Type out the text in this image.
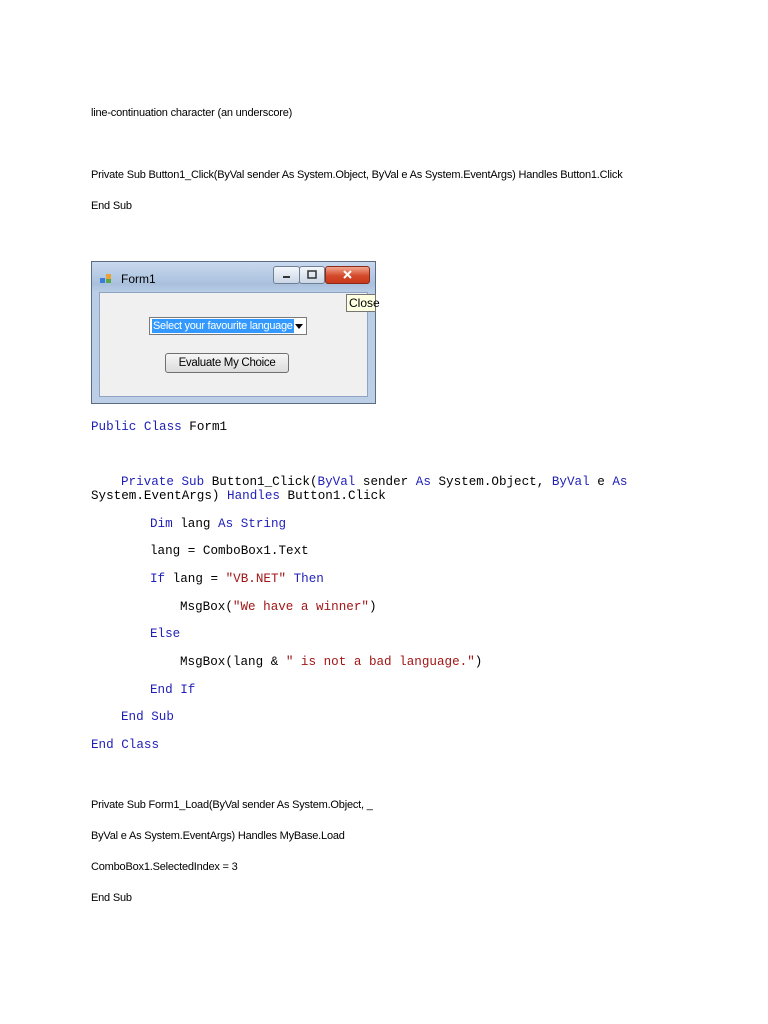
line-continuation character (an underscore)
Private Sub Button1_Click(ByVal sender As System.Object, ByVal e As System.EventArgs) Handles Button1.Click
End Sub
Form1
Select your favourite language
Evaluate My Choice
Close
Public Class Form1
Private Sub Button1_Click(ByVal sender As System.Object, ByVal e As
System.EventArgs) Handles Button1.Click
Dim lang As String
lang = ComboBox1.Text
If lang = "VB.NET" Then
MsgBox("We have a winner")
Else
MsgBox(lang & " is not a bad language.")
End If
End Sub
End Class
Private Sub Form1_Load(ByVal sender As System.Object, _
ByVal e As System.EventArgs) Handles MyBase.Load
ComboBox1.SelectedIndex = 3
End Sub
